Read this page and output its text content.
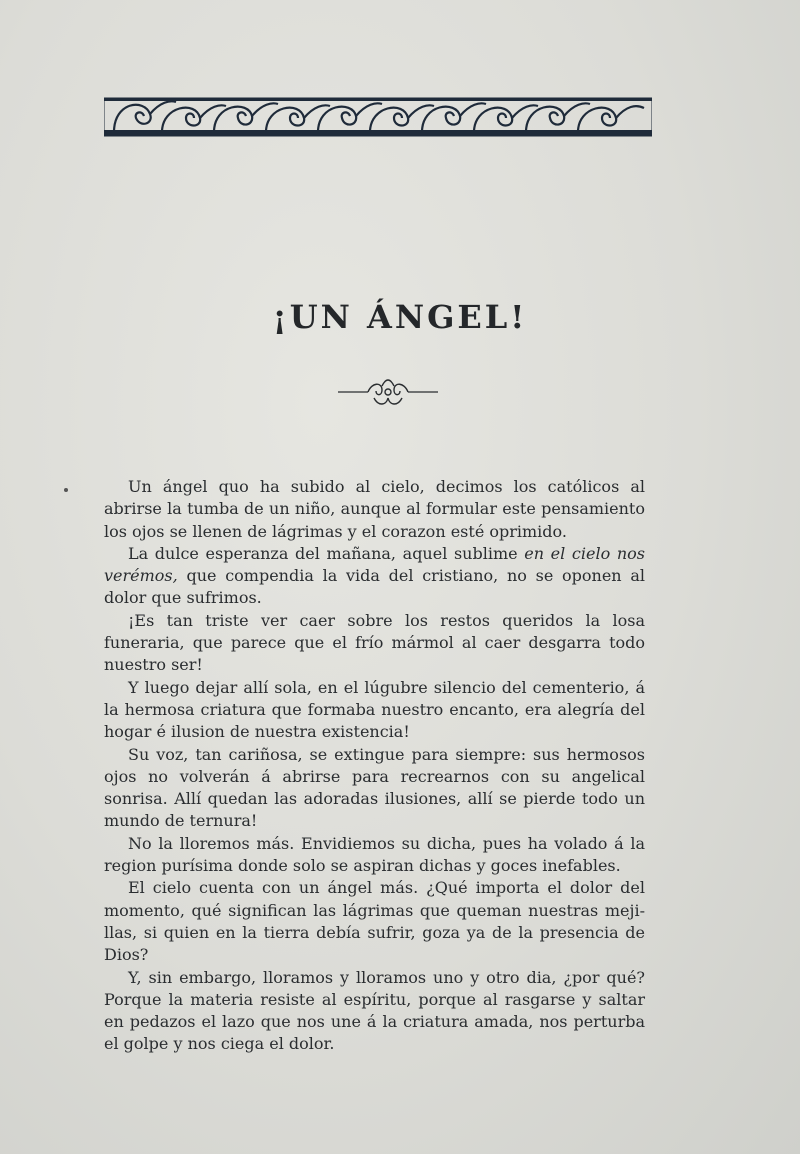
¡UN ÁNGEL!

Un ángel quo ha subido al cielo, decimos los católicos al abrirse la tumba de un niño, aunque al formular este pensamiento los ojos se llenen de lágrimas y el corazon esté oprimido.

La dulce esperanza del mañana, aquel sublime en el cielo nos verémos, que compendia la vida del cristiano, no se oponen al dolor que sufrimos.

¡Es tan triste ver caer sobre los restos queridos la losa funeraria, que parece que el frío mármol al caer desgarra todo nuestro ser!

Y luego dejar allí sola, en el lúgubre silencio del cementerio, á la hermosa criatura que formaba nuestro encanto, era alegría del hogar é ilusion de nuestra existencia!

Su voz, tan cariñosa, se extingue para siempre: sus hermosos ojos no volverán á abrirse para recrearnos con su angelical sonrisa. Allí quedan las adoradas ilusiones, allí se pierde todo un mundo de ternura!

No la lloremos más. Envidiemos su dicha, pues ha volado á la region purísima donde solo se aspiran dichas y goces inefables.

El cielo cuenta con un ángel más. ¿Qué importa el dolor del momento, qué significan las lágrimas que queman nuestras meji-llas, si quien en la tierra debía sufrir, goza ya de la presencia de Dios?

Y, sin embargo, lloramos y lloramos uno y otro dia, ¿por qué? Porque la materia resiste al espíritu, porque al rasgarse y saltar en pedazos el lazo que nos une á la criatura amada, nos perturba el golpe y nos ciega el dolor.
